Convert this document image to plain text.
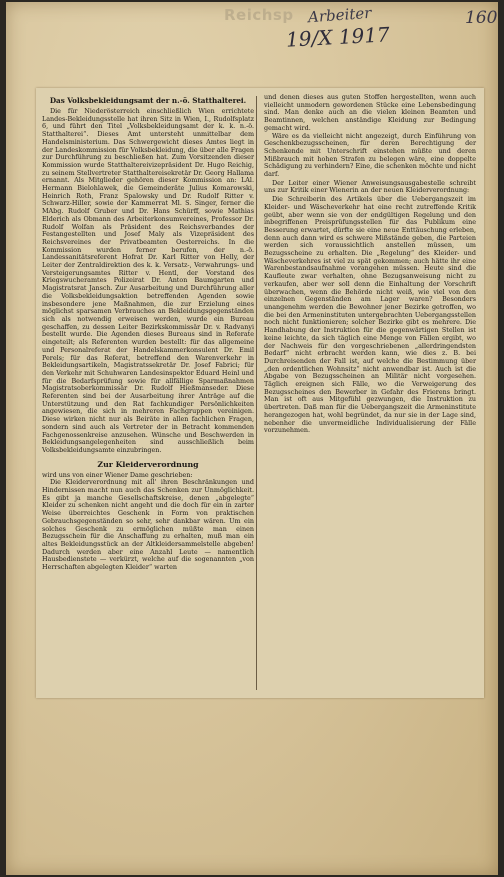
Reichsp Arbeiter
19/X 1917
160
Das Volksbekleidungsamt der n.-ö. Statthalterei.

Die für Niederösterreich einschließlich Wien errichtete Landes-Bekleidungsstelle hat ihren Sitz in Wien, I., Rudolfsplatz 6, und führt den Titel „Volksbekleidungsamt der k. k. n.-ö. Statthalterei“. Dieses Amt untersteht unmittelbar dem Handelsministerium. Das Schwergewicht dieses Amtes liegt in der Landeskommission für Volksbekleidung, die über alle Fragen zur Durchführung zu beschließen hat. Zum Vorsitzenden dieser Kommission wurde Statthaltereivizepräsident Dr. Hugo Reichig, zu seinem Stellvertreter Statthaltereisekretär Dr. Georg Hallama ernannt. Als Mitglieder gehören dieser Kommission an: LAl. Hermann Bielohlawek, die Gemeinderäte Julius Komarowski, Heinrich Roth, Franz Spalowsky und Dr. Rudolf Ritter v. Schwarz-Hiller, sowie der Kammerrat Ml. S. Singer, ferner die MAbg. Rudolf Gruber und Dr. Hans Schürff, sowie Mathias Elderich als Obmann des Arbeiterkonsumvereines, Professor Dr. Rudolf Wolfan als Präsident des Reichsverbandes der Festangestellten und Josef Maly als Vizepräsident des Reichsvereines der Privatbeamten Oesterreichs. In die Kommission wurden ferner berufen, der n.-ö. Landessanitätsreferent Hofrat Dr. Karl Ritter von Helly, der Leiter der Zentraldirektion des k. k. Versatz-, Verwahrungs- und Versteigerungsamtes Ritter v. Hentl, der Vorstand des Kriegswucheramtes Polizeirat Dr. Anton Baumgarten und Magistratsrat Jansch. Zur Ausarbeitung und Durchführung aller die Volksbekleidungsaktion betreffenden Agenden sowie insbesondere jene Maßnahmen, die zur Erzielung eines möglichst sparsamen Verbrauches an Bekleidungsgegenständen sich als notwendig erweisen werden, wurde ein Bureau geschaffen, zu dessen Leiter Bezirkskommissär Dr. v. Radvanyi bestellt wurde. Die Agenden dieses Bureaus sind in Referate eingeteilt; als Referenten wurden bestellt: für das allgemeine und Personalreferat der Handelskammerkonsulent Dr. Emil Perels; für das Referat, betreffend den Warenverkehr in Bekleidungsartikeln, Magistratssekretär Dr. Josef Fabrici; für den Verkehr mit Schuhwaren Landesinspektor Eduard Heinl und für die Bedarfsprüfung sowie für allfällige Sparmaßnahmen Magistratsoberkommissär Dr. Rudolf Hießmanseder. Diese Referenten sind bei der Ausarbeitung ihrer Anträge auf die Unterstützung und den Rat fachkundiger Persönlichkeiten angewiesen, die sich in mehreren Fachgruppen vereinigen. Diese wirken nicht nur als Beiräte in allen fachlichen Fragen, sondern sind auch als Vertreter der in Betracht kommenden Fachgenossenkreise anzusehen. Wünsche und Beschwerden in Bekleidungsangelegenheiten sind ausschließlich beim Volksbekleidungsamte einzubringen.

Zur Kleiderverordnung

wird uns von einer Wiener Dame geschrieben:

Die Kleiderverordnung mit all' ihren Beschränkungen und Hindernissen macht nun auch das Schenken zur Unmöglichkeit. Es gibt ja manche Gesellschaftskreise, denen „abgelegte“ Kleider zu schenken nicht angeht und die doch für ein in zarter Weise überreichtes Geschenk in Form von praktischen Gebrauchsgegenständen so sehr, sehr dankbar wären. Um ein solches Geschenk zu ermöglichen müßte man einen Bezugsschein für die Anschaffung zu erhalten, muß man ein altes Bekleidungsstück an der Altkleidersammelstelle abgeben! Dadurch werden aber eine Anzahl Leute — namentlich Hausbedienstete — verkürzt, welche auf die sogenannten „von Herrschaften abgelegten Kleider“ warten

und denen dieses aus guten Stoffen hergestellten, wenn auch vielleicht unmodern gewordenen Stücke eine Lebensbedingung sind. Man denke auch an die vielen kleinen Beamten und Beamtinnen, welchen anständige Kleidung zur Bedingung gemacht wird.

Wäre es da vielleicht nicht angezeigt, durch Einführung von Geschenkbezugsscheinen, für deren Berechtigung der Schenkende mit Unterschrift einstehen müßte und deren Mißbrauch mit hohen Strafen zu belegen wäre, eine doppelte Schädigung zu verhindern? Eine, die schenken möchte und nicht darf.

Der Leiter einer Wiener Anweisungsausgabestelle schreibt uns zur Kritik einer Wienerin an der neuen Kleiderverordnung:

Die Schreiberin des Artikels über die Uebergangszeit im Kleider- und Wäscheverkehr hat eine recht zutreffende Kritik geübt, aber wenn sie von der endgültigen Regelung und den inbegriffenen Preisprüfungsstellen für das Publikum eine Besserung erwartet, dürfte sie eine neue Enttäuschung erleben, denn auch dann wird es schwere Mißstände geben, die Parteien werden sich voraussichtlich anstellen müssen, um Bezugsscheine zu erhalten. Die „Regelung“ des Kleider- und Wäscheverkehres ist viel zu spät gekommen; auch hätte ihr eine Warenbestandsaufnahme vorangehen müssen. Heute sind die Kaufleute zwar verhalten, ohne Bezugsanweisung nicht zu verkaufen, aber wer soll denn die Einhaltung der Vorschrift überwachen, wenn die Behörde nicht weiß, wie viel von den einzelnen Gegenständen am Lager waren? Besonders unangenehm werden die Bewohner jener Bezirke getroffen, wo die bei den Armeninstituten untergebrachten Uebergangsstellen noch nicht funktionieren; solcher Bezirke gibt es mehrere. Die Handhabung der Instruktion für die gegenwärtigen Stellen ist keine leichte, da sich täglich eine Menge von Fällen ergibt, wo der Nachweis für den vorgeschriebenen „allerdringendsten Bedarf“ nicht erbracht werden kann, wie dies z. B. bei Durchreisenden der Fall ist, auf welche die Bestimmung über „den ordentlichen Wohnsitz“ nicht anwendbar ist. Auch ist die Abgabe von Bezugsscheinen an Militär nicht vorgesehen. Täglich ereignen sich Fälle, wo die Verweigerung des Bezugsscheines den Bewerber in Gefahr des Frierens bringt. Man ist oft aus Mitgefühl gezwungen, die Instruktion zu übertreten. Daß man für die Uebergangszeit die Armeninstitute herangezogen hat, wohl begründet, da nur sie in der Lage sind, nebenher die unvermeidliche Individualisierung der Fälle vorzunehmen.
